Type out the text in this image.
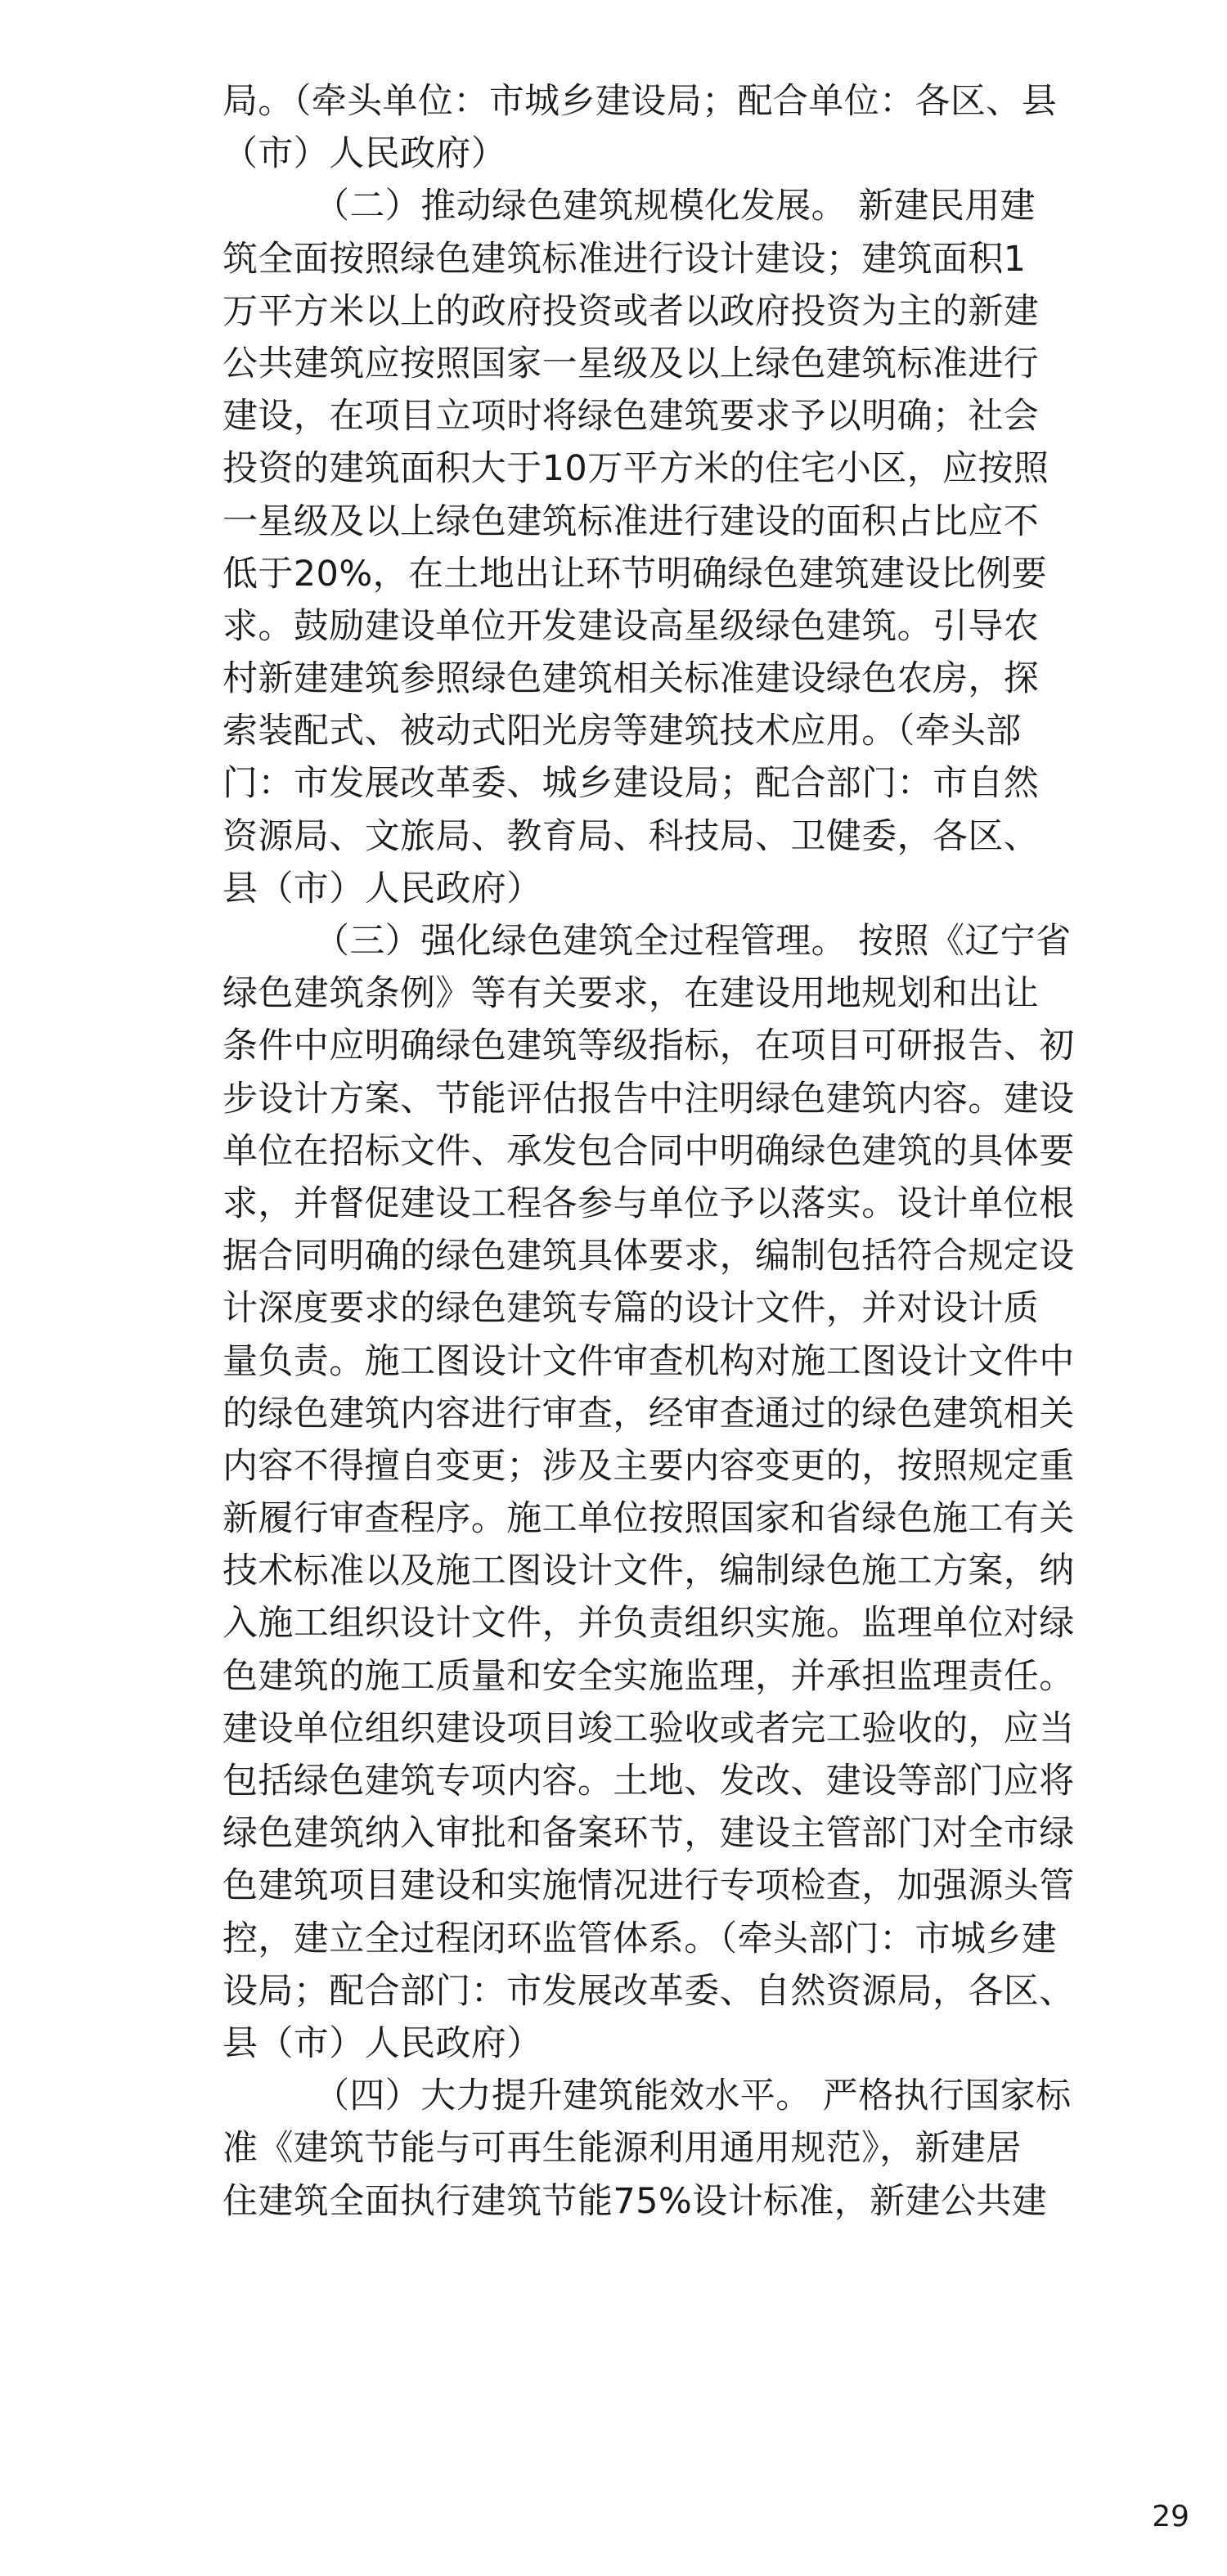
局。（牵头单位：市城乡建设局；配合单位：各区、县
（市）人民政府）
（二）推动绿色建筑规模化发展。 新建民用建
筑全面按照绿色建筑标准进行设计建设；建筑面积1
万平方米以上的政府投资或者以政府投资为主的新建
公共建筑应按照国家一星级及以上绿色建筑标准进行
建设，在项目立项时将绿色建筑要求予以明确；社会
投资的建筑面积大于10万平方米的住宅小区，应按照
一星级及以上绿色建筑标准进行建设的面积占比应不
低于20%，在土地出让环节明确绿色建筑建设比例要
求。鼓励建设单位开发建设高星级绿色建筑。引导农
村新建建筑参照绿色建筑相关标准建设绿色农房，探
索装配式、被动式阳光房等建筑技术应用。（牵头部
门：市发展改革委、城乡建设局；配合部门：市自然
资源局、文旅局、教育局、科技局、卫健委，各区、
县（市）人民政府）
（三）强化绿色建筑全过程管理。 按照《辽宁省
绿色建筑条例》等有关要求，在建设用地规划和出让
条件中应明确绿色建筑等级指标，在项目可研报告、初
步设计方案、节能评估报告中注明绿色建筑内容。建设
单位在招标文件、承发包合同中明确绿色建筑的具体要
求，并督促建设工程各参与单位予以落实。设计单位根
据合同明确的绿色建筑具体要求，编制包括符合规定设
计深度要求的绿色建筑专篇的设计文件，并对设计质
量负责。施工图设计文件审查机构对施工图设计文件中
的绿色建筑内容进行审查，经审查通过的绿色建筑相关
内容不得擅自变更；涉及主要内容变更的，按照规定重
新履行审查程序。施工单位按照国家和省绿色施工有关
技术标准以及施工图设计文件，编制绿色施工方案，纳
入施工组织设计文件，并负责组织实施。监理单位对绿
色建筑的施工质量和安全实施监理，并承担监理责任。
建设单位组织建设项目竣工验收或者完工验收的，应当
包括绿色建筑专项内容。土地、发改、建设等部门应将
绿色建筑纳入审批和备案环节，建设主管部门对全市绿
色建筑项目建设和实施情况进行专项检查，加强源头管
控，建立全过程闭环监管体系。（牵头部门：市城乡建
设局；配合部门：市发展改革委、自然资源局，各区、
县（市）人民政府）
（四）大力提升建筑能效水平。 严格执行国家标
准《建筑节能与可再生能源利用通用规范》，新建居
住建筑全面执行建筑节能75%设计标准，新建公共建
29
